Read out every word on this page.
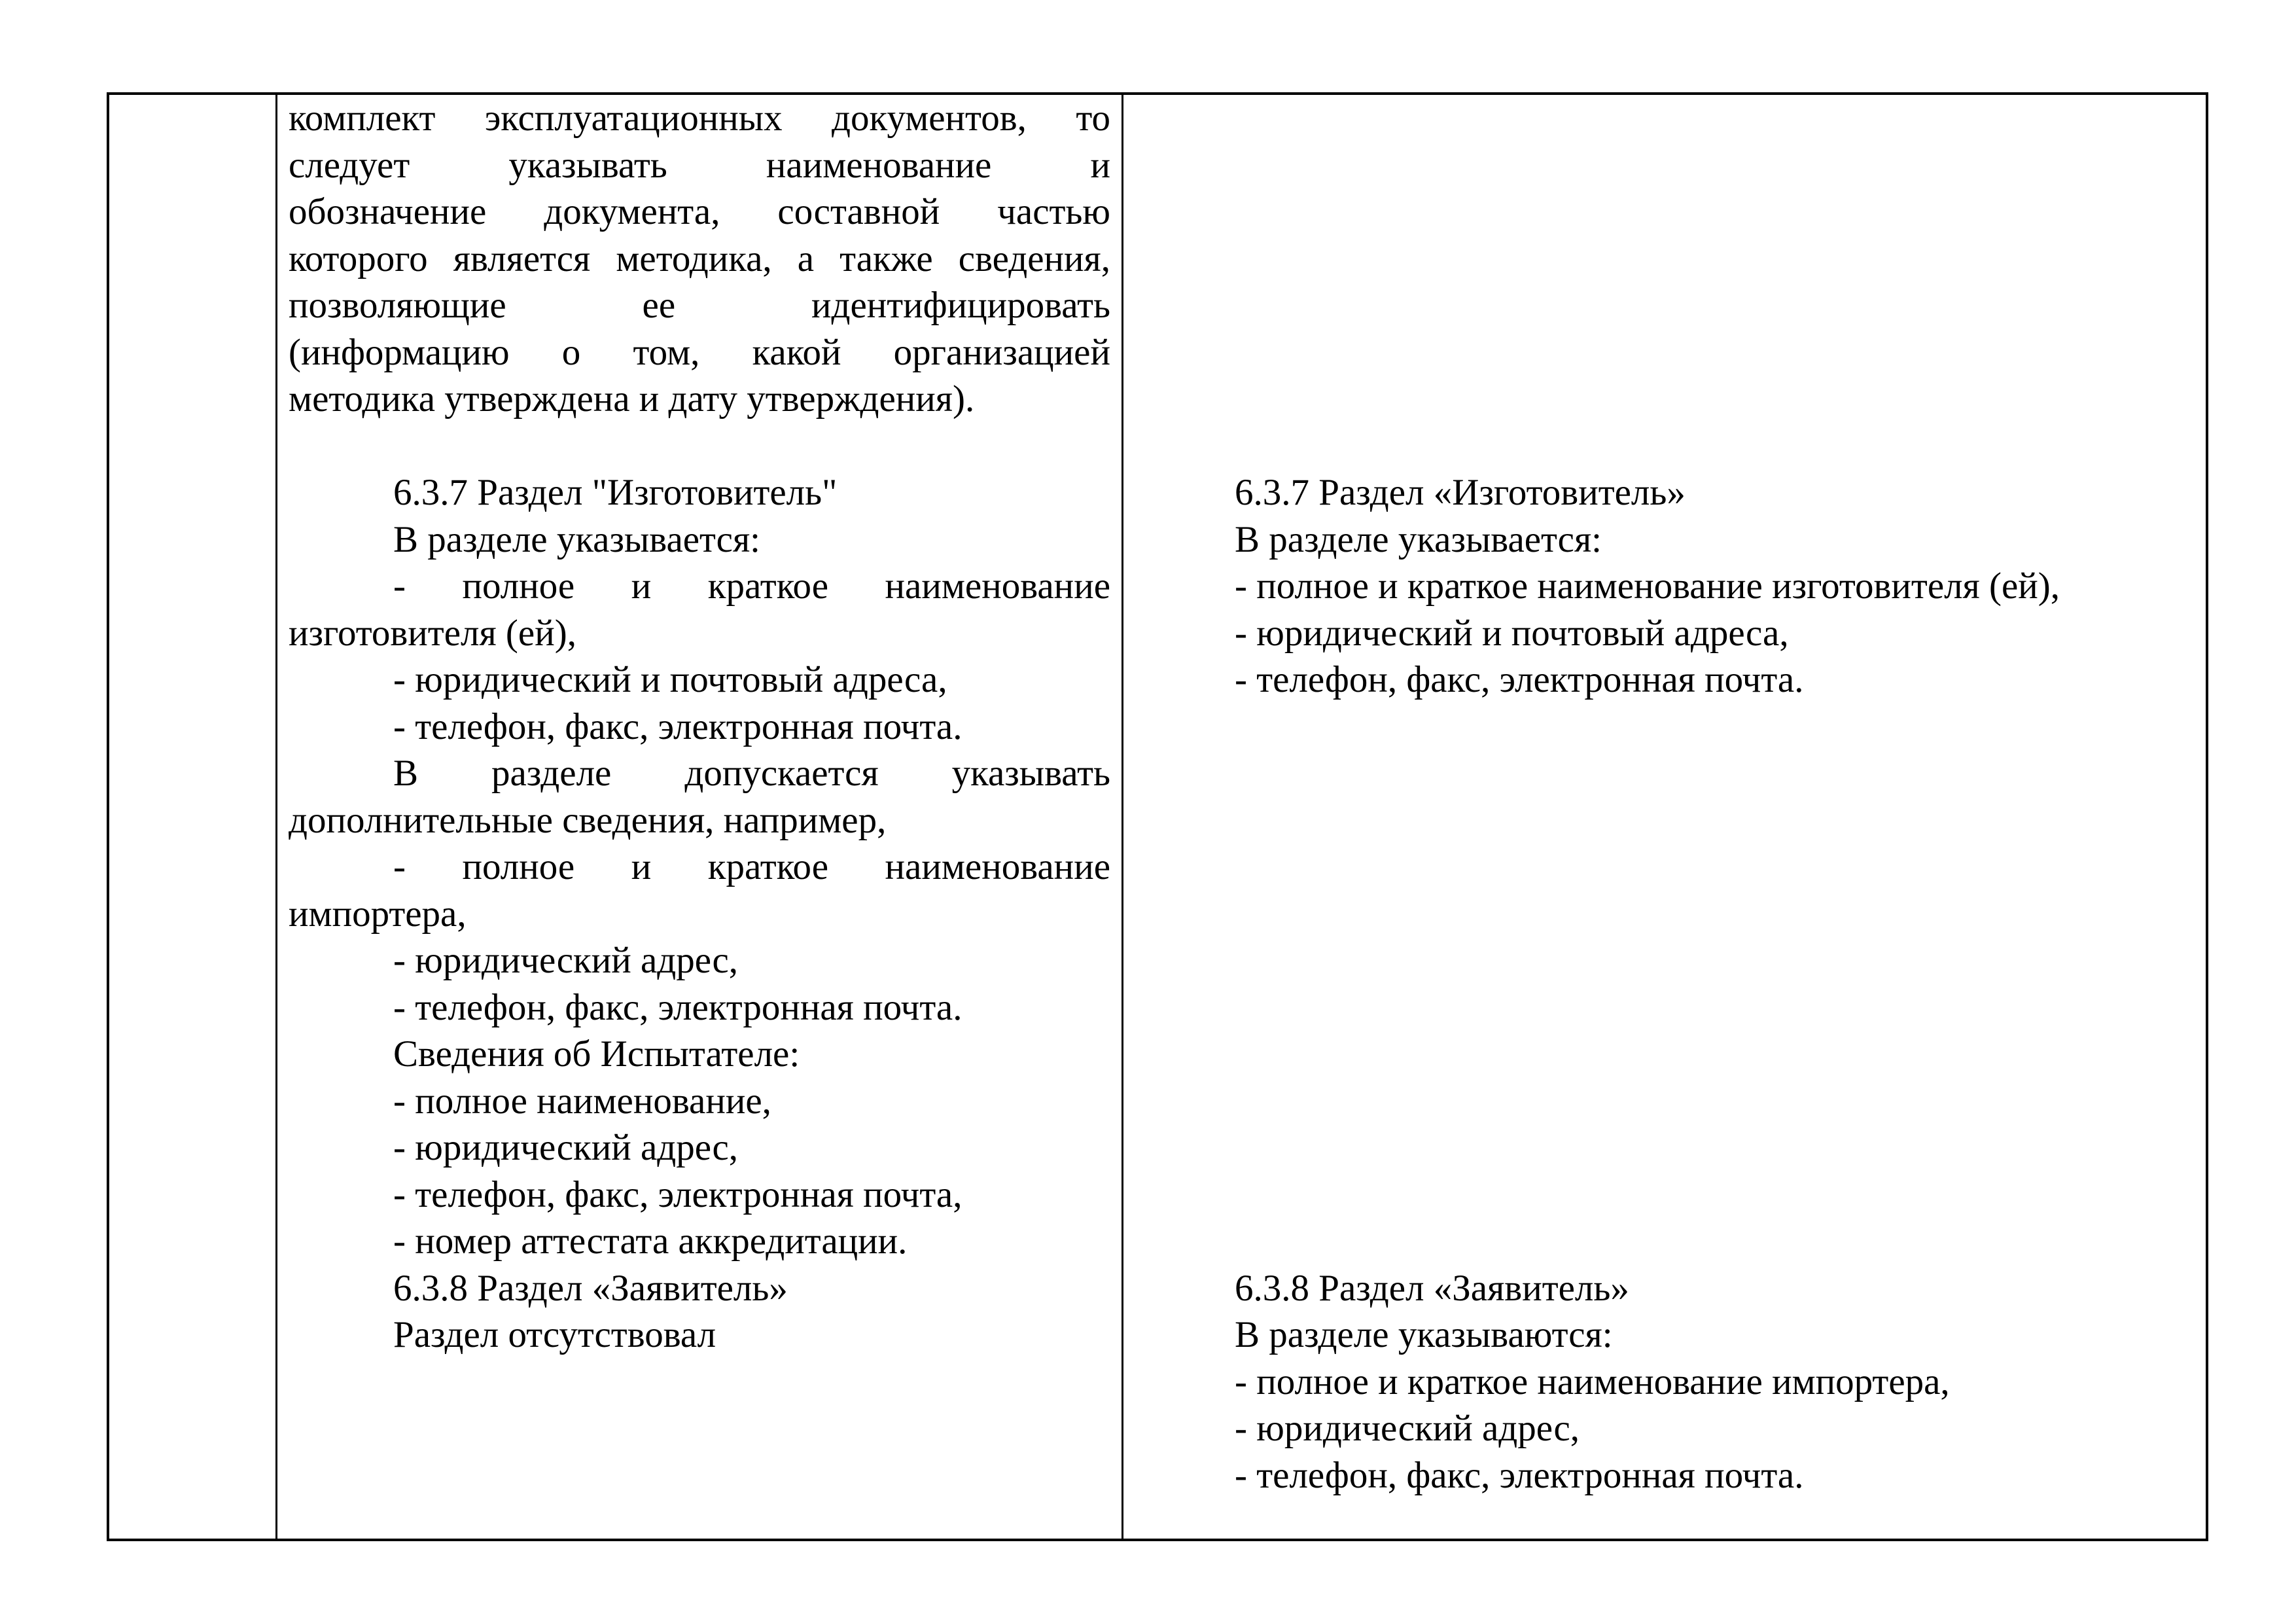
комплект эксплуатационных документов, то
следует указывать наименование и
обозначение документа, составной частью
которого является методика, а также сведения,
позволяющие ее идентифицировать
(информацию о том, какой организацией
методика утверждена и дату утверждения).
6.3.7 Раздел "Изготовитель"
В разделе указывается:
- полное и краткое наименование
изготовителя (ей),
- юридический и почтовый адреса,
- телефон, факс, электронная почта.
В разделе допускается указывать
дополнительные сведения, например,
- полное и краткое наименование
импортера,
- юридический адрес,
- телефон, факс, электронная почта.
Сведения об Испытателе:
- полное наименование,
- юридический адрес,
- телефон, факс, электронная почта,
- номер аттестата аккредитации.
6.3.8 Раздел «Заявитель»
Раздел отсутствовал
6.3.7 Раздел «Изготовитель»
В разделе указывается:
- полное и краткое наименование изготовителя (ей),
- юридический и почтовый адреса,
- телефон, факс, электронная почта.
6.3.8 Раздел «Заявитель»
В разделе указываются:
- полное и краткое наименование импортера,
- юридический адрес,
- телефон, факс, электронная почта.
